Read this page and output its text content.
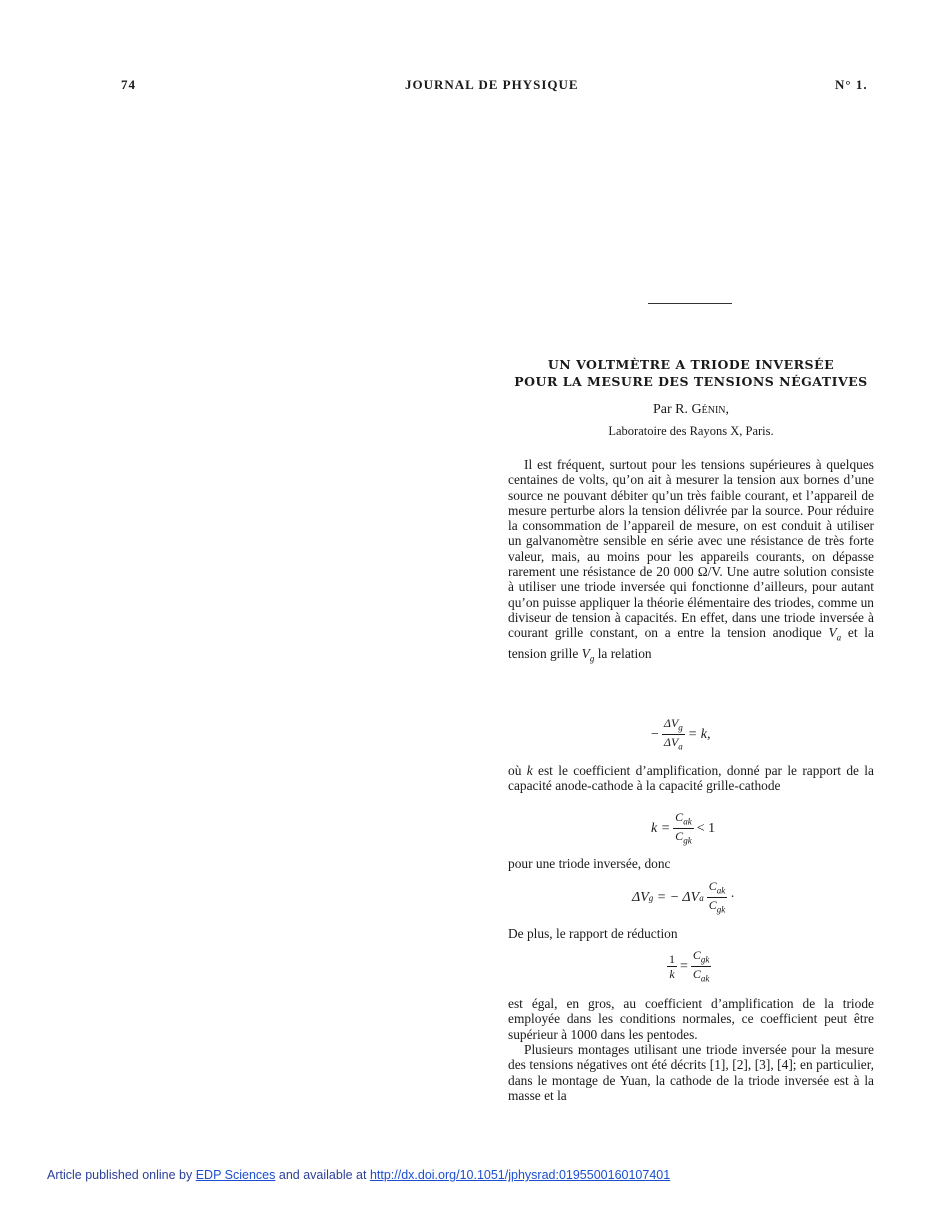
74	JOURNAL DE PHYSIQUE	N° 1.
UN VOLTMÈTRE A TRIODE INVERSÉE
POUR LA MESURE DES TENSIONS NÉGATIVES
Par R. Génin,
Laboratoire des Rayons X, Paris.

Il est fréquent, surtout pour les tensions supérieures à quelques centaines de volts, qu’on ait à mesurer la tension aux bornes d’une source ne pouvant débiter qu’un très faible courant, et l’appareil de mesure perturbe alors la tension délivrée par la source. Pour réduire la consommation de l’appareil de mesure, on est conduit à utiliser un galvanomètre sensible en série avec une résistance de très forte valeur, mais, au moins pour les appareils courants, on dépasse rarement une résistance de 20 000 Ω/V. Une autre solution consiste à utiliser une triode inversée qui fonctionne d’ailleurs, pour autant qu’on puisse appliquer la théorie élémentaire des triodes, comme un diviseur de tension à capacités. En effet, dans une triode inversée à courant grille constant, on a entre la tension anodique $V_a$ et la tension grille $V_g$ la relation

− $\frac{\Delta V_g}{\Delta V_a} = k$,

où k est le coefficient d’amplification, donné par le rapport de la capacité anode-cathode à la capacité grille-cathode

$k = \frac{C_{ak}}{C_{gk}} < 1$

pour une triode inversée, donc

ΔV g
= − ΔV a $\frac{C_{ak}}{C_{gk}}$ ·

De plus, le rapport de réduction

$\frac{1}{k} = \frac{C_{gk}}{C_{ak}}$

est égal, en gros, au coefficient d’amplification de la triode employée dans les conditions normales, ce coefficient peut être supérieur à 1000 dans les pentodes.

Plusieurs montages utilisant une triode inversée pour la mesure des tensions négatives ont été décrits [1], [2], [3], [4]; en particulier, dans le montage de Yuan, la cathode de la triode inversée est à la masse et la

Article published online by EDP Sciences and available at http://dx.doi.org/10.1051/jphysrad:0195500160107401
